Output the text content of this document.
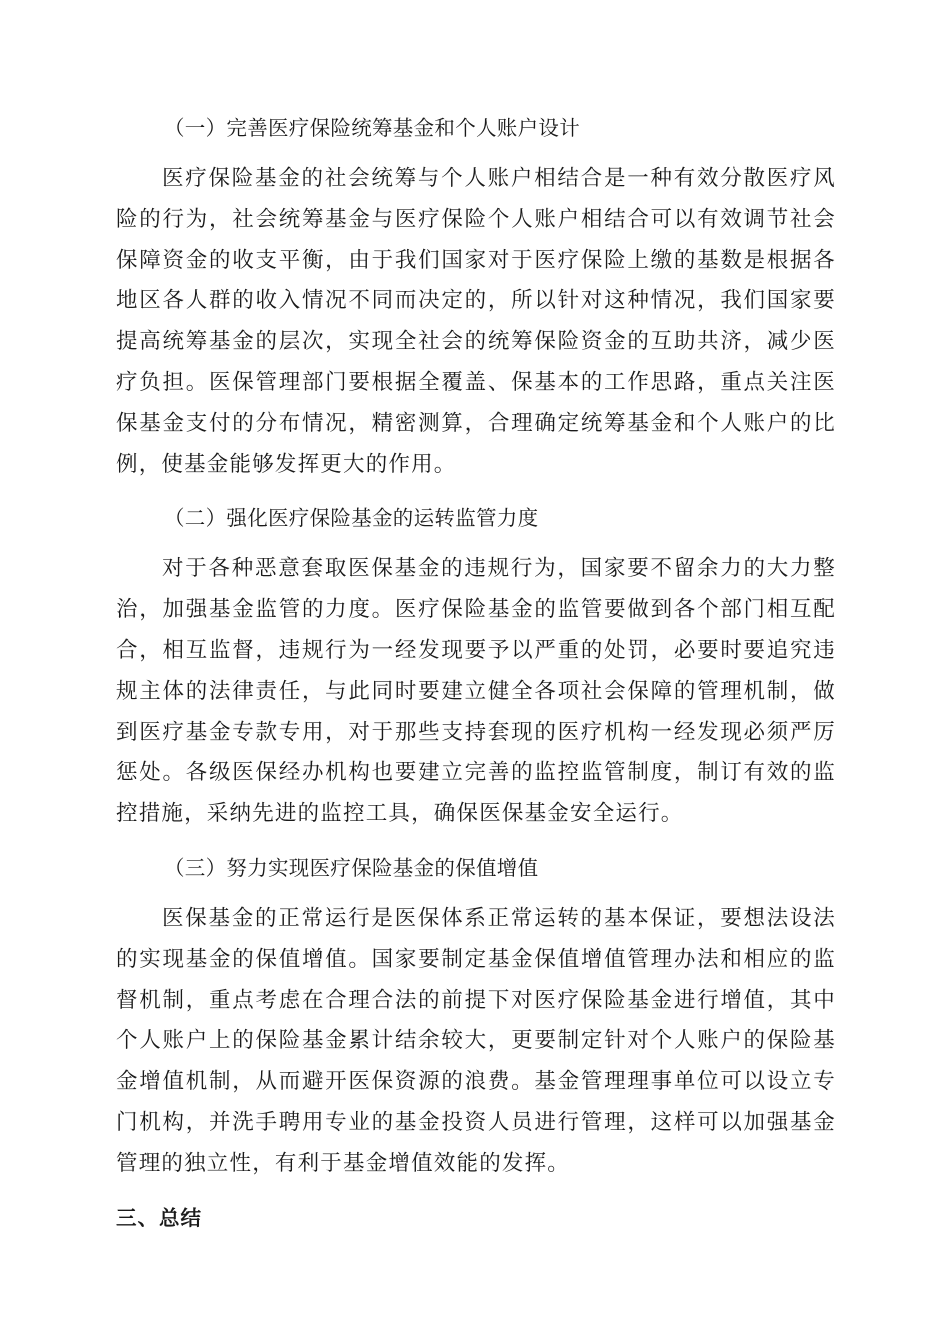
（一）完善医疗保险统筹基金和个人账户设计

医疗保险基金的社会统筹与个人账户相结合是一种有效分散医疗风险的行为，社会统筹基金与医疗保险个人账户相结合可以有效调节社会保障资金的收支平衡，由于我们国家对于医疗保险上缴的基数是根据各地区各人群的收入情况不同而决定的，所以针对这种情况，我们国家要提高统筹基金的层次，实现全社会的统筹保险资金的互助共济，减少医疗负担。医保管理部门要根据全覆盖、保基本的工作思路，重点关注医保基金支付的分布情况，精密测算，合理确定统筹基金和个人账户的比例，使基金能够发挥更大的作用。

（二）强化医疗保险基金的运转监管力度

对于各种恶意套取医保基金的违规行为，国家要不留余力的大力整治，加强基金监管的力度。医疗保险基金的监管要做到各个部门相互配合，相互监督，违规行为一经发现要予以严重的处罚，必要时要追究违规主体的法律责任，与此同时要建立健全各项社会保障的管理机制，做到医疗基金专款专用，对于那些支持套现的医疗机构一经发现必须严厉惩处。各级医保经办机构也要建立完善的监控监管制度，制订有效的监控措施，采纳先进的监控工具，确保医保基金安全运行。

（三）努力实现医疗保险基金的保值增值

医保基金的正常运行是医保体系正常运转的基本保证，要想法设法的实现基金的保值增值。国家要制定基金保值增值管理办法和相应的监督机制，重点考虑在合理合法的前提下对医疗保险基金进行增值，其中个人账户上的保险基金累计结余较大，更要制定针对个人账户的保险基金增值机制，从而避开医保资源的浪费。基金管理理事单位可以设立专门机构，并洗手聘用专业的基金投资人员进行管理，这样可以加强基金管理的独立性，有利于基金增值效能的发挥。

三、总结
